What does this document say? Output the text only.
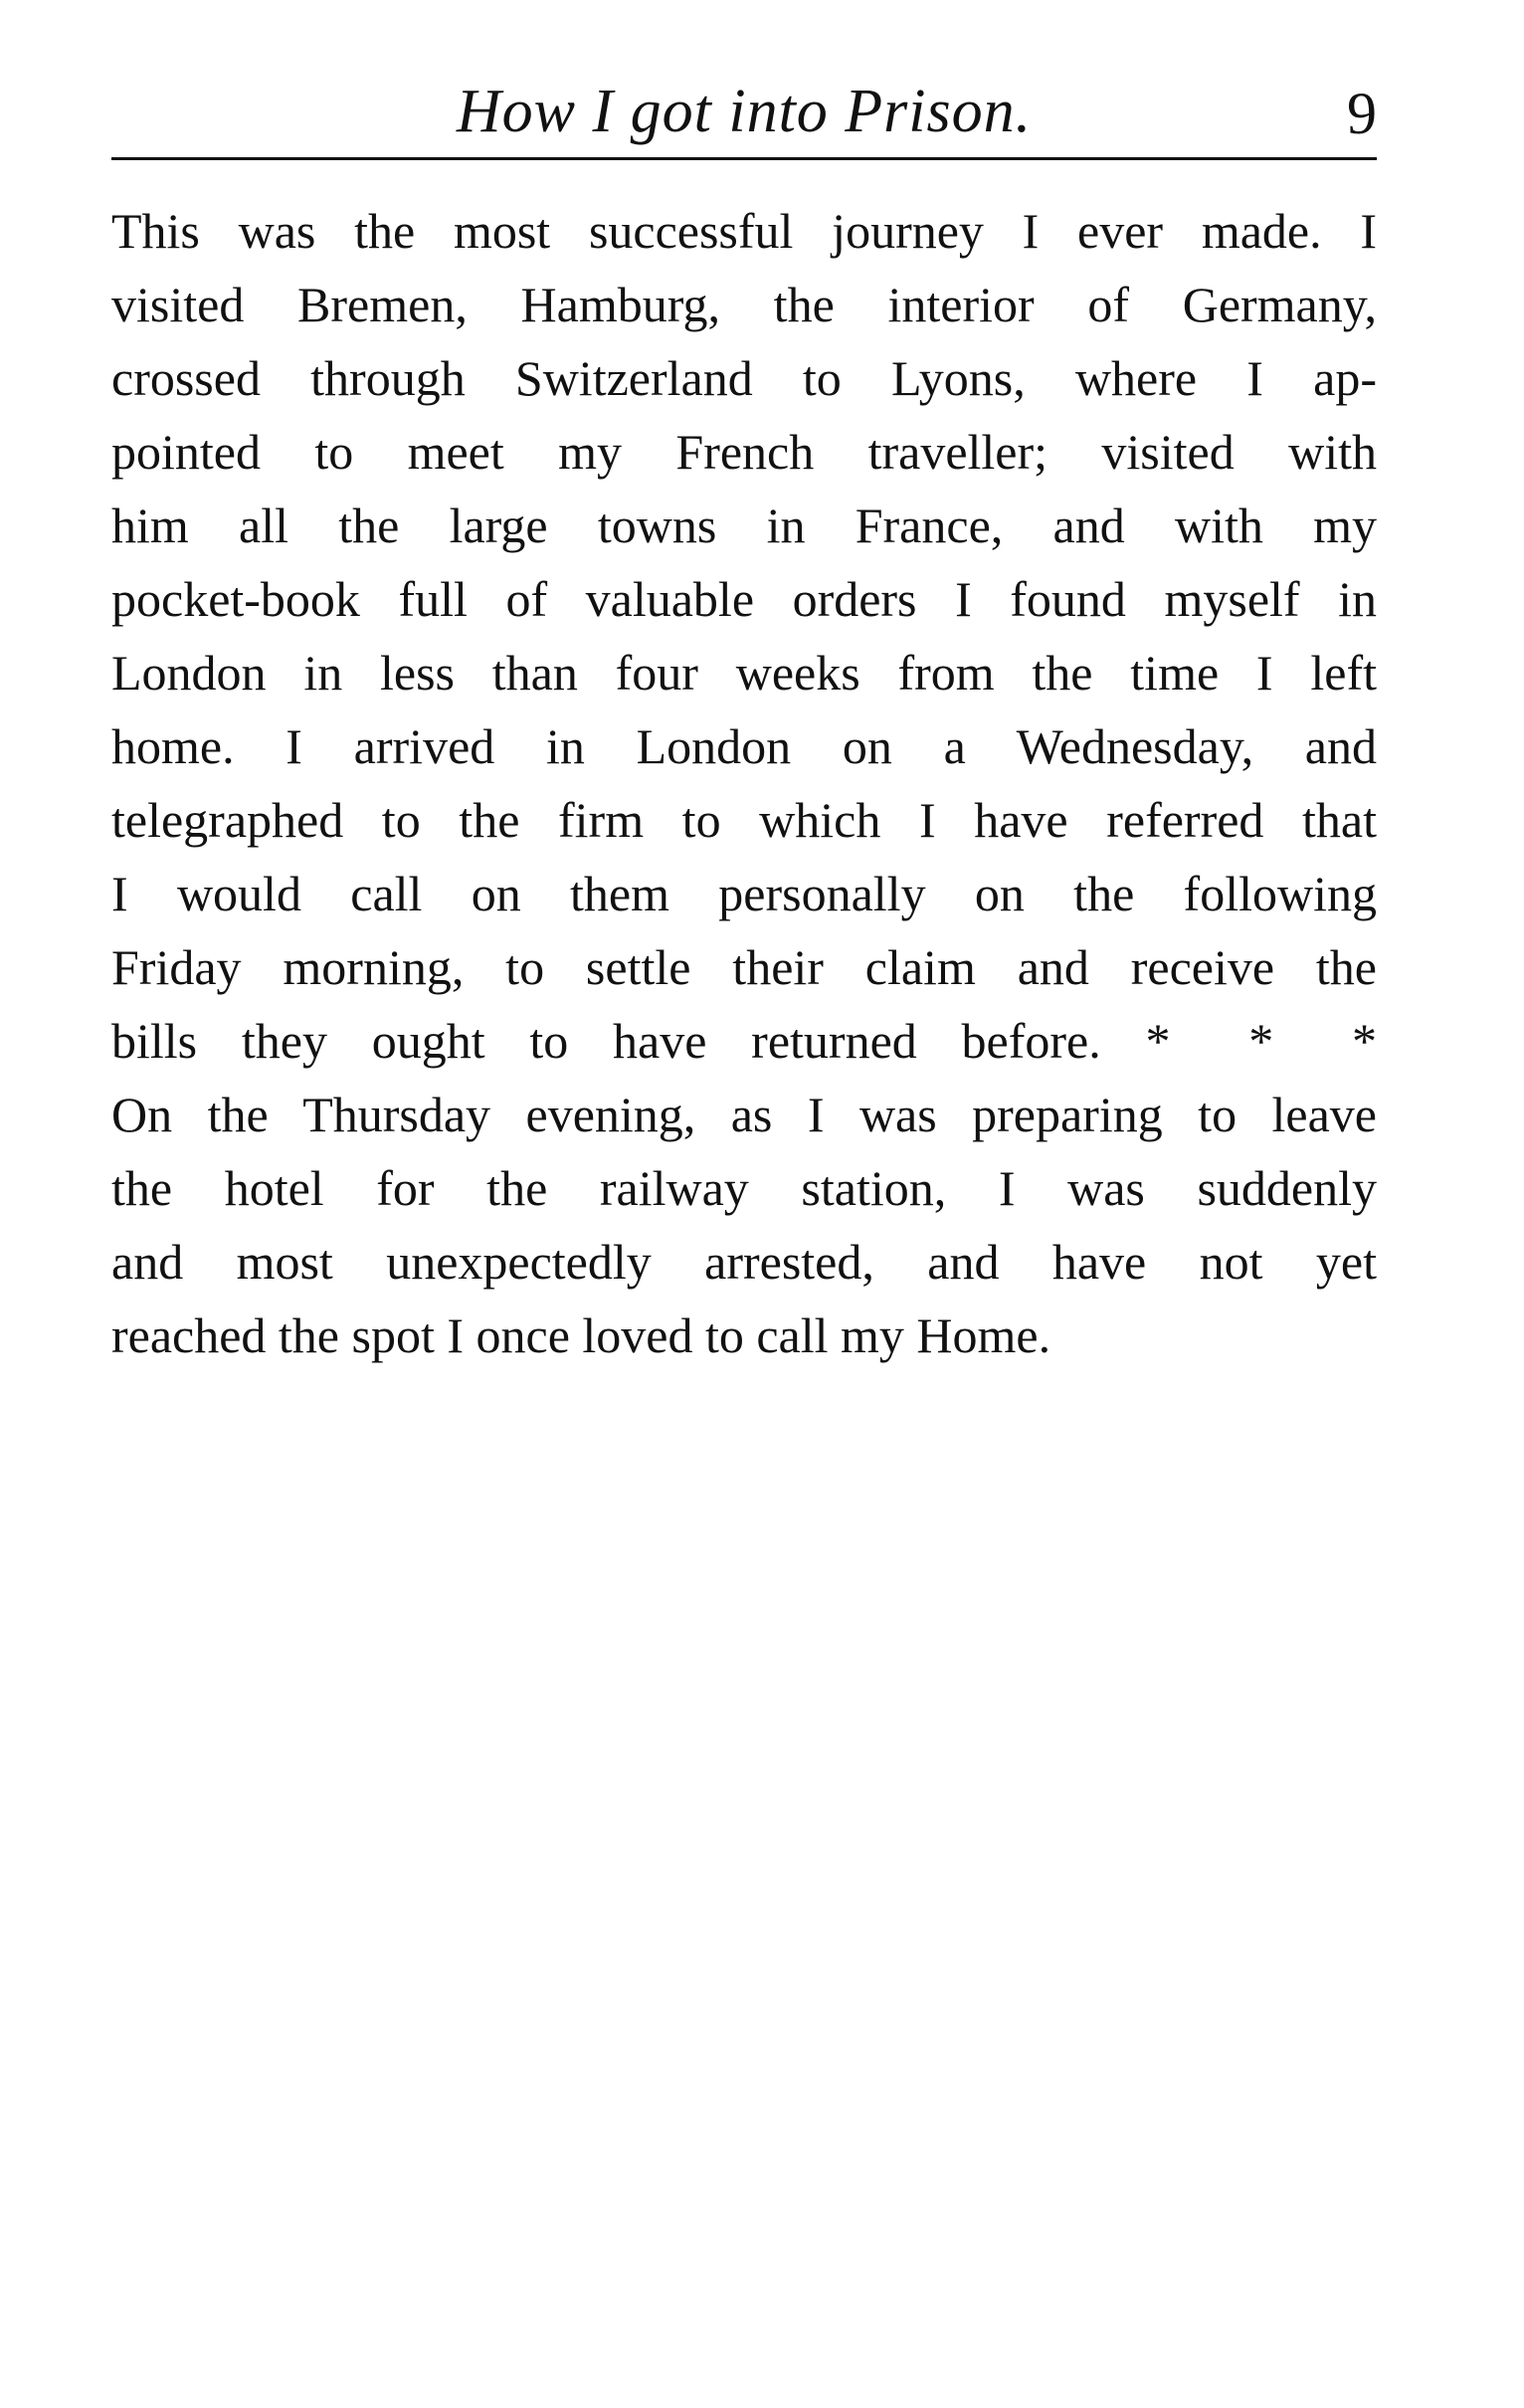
How I got into Prison.	9
This was the most successful journey I ever made. I
visited Bremen, Hamburg, the interior of Germany,
crossed through Switzerland to Lyons, where I ap-
pointed to meet my French traveller; visited with
him all the large towns in France, and with my
pocket-book full of valuable orders I found myself in
London in less than four weeks from the time I left
home. I arrived in London on a Wednesday, and
telegraphed to the firm to which I have referred that
I would call on them personally on the following
Friday morning, to settle their claim and receive the
bills they ought to have returned before. * * *
On the Thursday evening, as I was preparing to leave
the hotel for the railway station, I was suddenly
and most unexpectedly arrested, and have not yet
reached the spot I once loved to call my Home.
